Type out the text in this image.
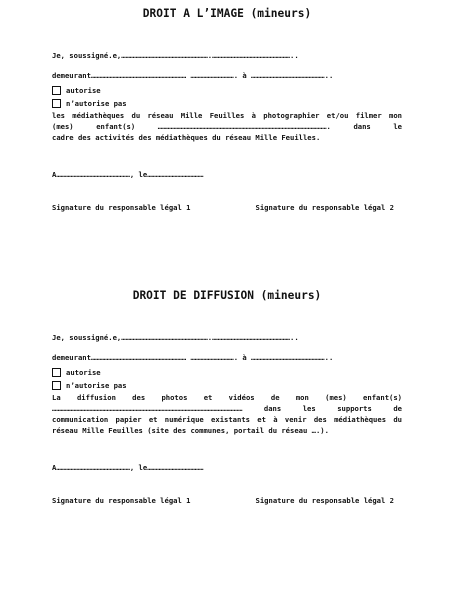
DROIT A L’IMAGE (mineurs)
Je, soussigné.e,…………………………………………………….………………………………………………..
demeurant………………………………………………………… …………………………. à ……………………………………………..
autorise
n’autorise pas
les médiathèques du réseau Mille Feuilles à photographier et/ou filmer mon
(mes) enfant(s) ………………………………………………………………………………………………………. dans le
cadre des activités des médiathèques du réseau Mille Feuilles.
A……………………………………………, le…………………………………
Signature du responsable légal 1	Signature du responsable légal 2
DROIT DE DIFFUSION (mineurs)
Je, soussigné.e,…………………………………………………….………………………………………………..
demeurant………………………………………………………… …………………………. à ……………………………………………..
autorise
n’autorise pas
La diffusion des photos et vidéos de mon (mes) enfant(s)
…………………………………………………………………………………………………………………… dans les supports de
communication papier et numérique existants et à venir des médiathèques du
réseau Mille Feuilles (site des communes, portail du réseau ….).
A……………………………………………, le…………………………………
Signature du responsable légal 1	Signature du responsable légal 2
